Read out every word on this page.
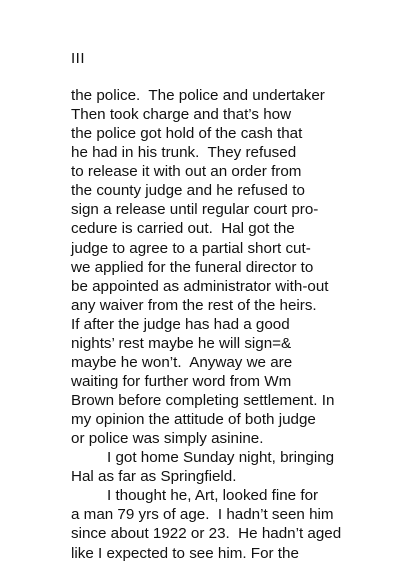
III
the police.  The police and undertaker
Then took charge and that’s how
the police got hold of the cash that
he had in his trunk.  They refused
to release it with out an order from
the county judge and he refused to
sign a release until regular court pro-
cedure is carried out.  Hal got the
judge to agree to a partial short cut-
we applied for the funeral director to
be appointed as administrator with-out
any waiver from the rest of the heirs.
If after the judge has had a good
nights’ rest maybe he will sign=&
maybe he won’t.  Anyway we are
waiting for further word from Wm
Brown before completing settlement. In
my opinion the attitude of both judge
or police was simply asinine.
I got home Sunday night, bringing
Hal as far as Springfield.
I thought he, Art, looked fine for
a man 79 yrs of age.  I hadn’t seen him
since about 1922 or 23.  He hadn’t aged
like I expected to see him. For the
